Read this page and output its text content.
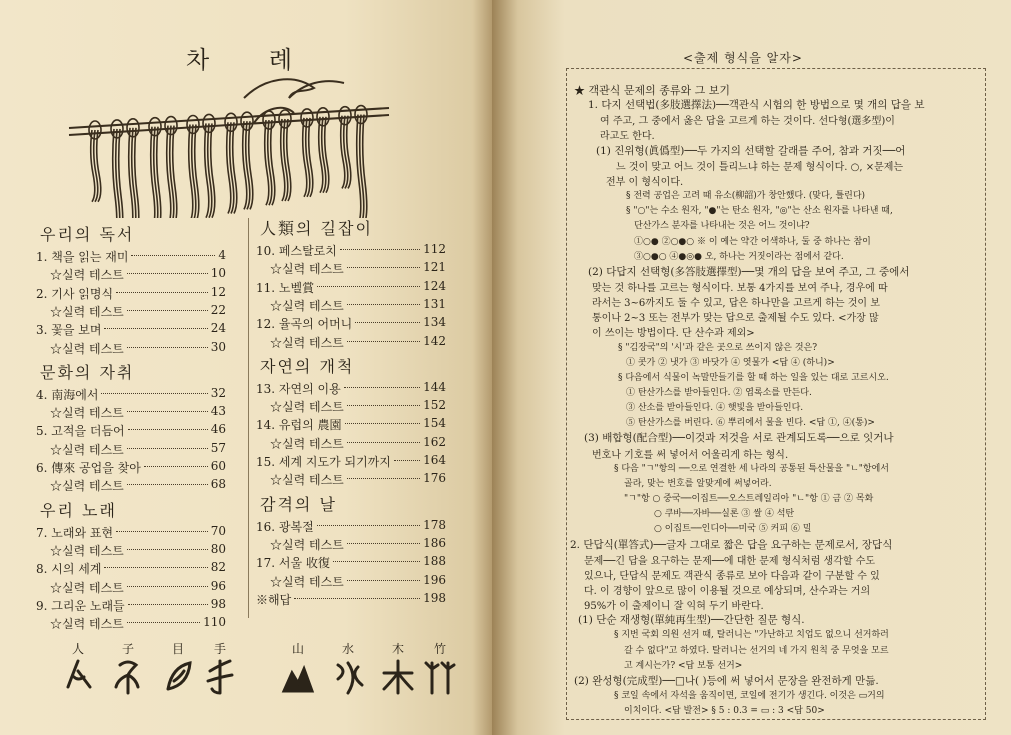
차 례
우리의 독서
1. 책을 읽는 재미	4
☆실력 테스트	10
2. 기사 읽명식	12
☆실력 테스트	22
3. 꽃을 보며	24
☆실력 테스트	30
문화의 자취
4. 南海에서	32
☆실력 테스트	43
5. 고적을 더듬어	46
☆실력 테스트	57
6. 傳來 공업을 찾아	60
☆실력 테스트	68
우리 노래
7. 노래와 표현	70
☆실력 테스트	80
8. 시의 세계	82
☆실력 테스트	96
9. 그리운 노래들	98
☆실력 테스트	110
人類의 길잡이
10. 페스탈로치	112
☆실력 테스트	121
11. 노벨賞	124
☆실력 테스트	131
12. 율곡의 어머니	134
☆실력 테스트	142
자연의 개척
13. 자연의 이용	144
☆실력 테스트	152
14. 유럽의 農園	154
☆실력 테스트	162
15. 세계 지도가 되기까지	164
☆실력 테스트	176
감격의 날
16. 광복절	178
☆실력 테스트	186
17. 서울 收復	188
☆실력 테스트	196
※해답	198
人	子	目	手	山	水	木	竹
<출제 형식을 알자>
★ 객관식 문제의 종류와 그 보기
1. 다지 선택법(多肢選擇法)──객관식 시험의 한 방법으로 몇 개의 답을 보
여 주고, 그 중에서 옳은 답을 고르게 하는 것이다. 선다형(選多型)이
라고도 한다.
(1) 진위형(眞僞型)──두 가지의 선택할 갈래를 주어, 참과 거짓──어
느 것이 맞고 어느 것이 틀리느냐 하는 문제 형식이다. ○, ×문제는
전부 이 형식이다.
§ 전력 공업은 고려 때 유소(柳韶)가 창안했다. (맞다, 틀린다)
§ "○"는 수소 원자, "●"는 탄소 원자, "◎"는 산소 원자를 나타낸 때,
단산가스 분자를 나타내는 것은 어느 것이냐?
①○● ②○●○ ※ 이 예는 약간 어색하나, 둘 중 하나는 참이
③○●○ ④●◎● 오, 하나는 거짓이라는 점에서 같다.
(2) 다답지 선택형(多答肢選擇型)──몇 개의 답을 보여 주고, 그 중에서
맞는 것 하나를 고르는 형식이다. 보통 4가지를 보여 주나, 경우에 따
라서는 3~6까지도 둘 수 있고, 답은 하나만을 고르게 하는 것이 보
통이나 2~3 또는 전부가 맞는 답으로 출제될 수도 있다. <가장 많
이 쓰이는 방법이다. 단 산수과 제외>
§ "김장국"의 '시'과 같은 곳으로 쓰이지 않은 것은?
① 콧가 ② 냇가 ③ 바닷가 ④ 엿물가 <답 ④ (하니)>
§ 다음에서 식물이 녹말만들기를 할 때 하는 일을 있는 대로 고르시오.
① 탄산가스를 받아들인다. ② 엽록소를 만든다.
③ 산소를 받아들인다. ④ 햇빛을 받아들인다.
⑤ 탄산가스를 버린다. ⑥ 뿌리에서 물을 빈다. <답 ①, ④(통)>
(3) 배합형(配合型)──이것과 저것을 서로 관계되도록──으로 잇거나
번호나 기호를 써 넣어서 어울리게 하는 형식.
§ 다음 "ㄱ"항의 ──으로 연결한 세 나라의 공통된 특산물을 "ㄴ"항에서
골라, 맞는 번호를 알맞게에 써넣어라.
"ㄱ"항 ○ 중국──이집트──오스트레일리아 "ㄴ"항 ① 금 ② 목화
○ 쿠바──자바──실론 ③ 쌀 ④ 석탄
○ 이집트──인디아──미국 ⑤ 커피 ⑥ 밀
2. 단답식(單答式)──글자 그대로 짧은 답을 요구하는 문제로서, 장답식
문제──긴 답을 요구하는 문제──에 대한 문제 형식처럼 생각할 수도
있으나, 단답식 문제도 객관식 종류로 보아 다음과 같이 구분할 수 있
다. 이 경향이 앞으로 많이 이용될 것으로 예상되며, 산수과는 거의
95%가 이 출제이니 잘 익혀 두기 바란다.
(1) 단순 재생형(單純再生型)──간단한 질문 형식.
§ 지번 국회 의원 선거 때, 탈러니는 "가난하고 치업도 없으니 선거하러
갈 수 없다"고 하였다. 탈러니는 선거의 네 가지 원칙 중 무엇을 모르
고 계시는가? <답 보통 선거>
(2) 완성형(完成型)──□나( )등에 써 넣어서 문장을 완전하게 만듦.
§ 코일 속에서 자석을 움직이면, 코일에 전기가 생긴다. 이것은 ▭거의
이치이다. <답 발전> § 5 : 0.3 = ▭ : 3 <답 50>
